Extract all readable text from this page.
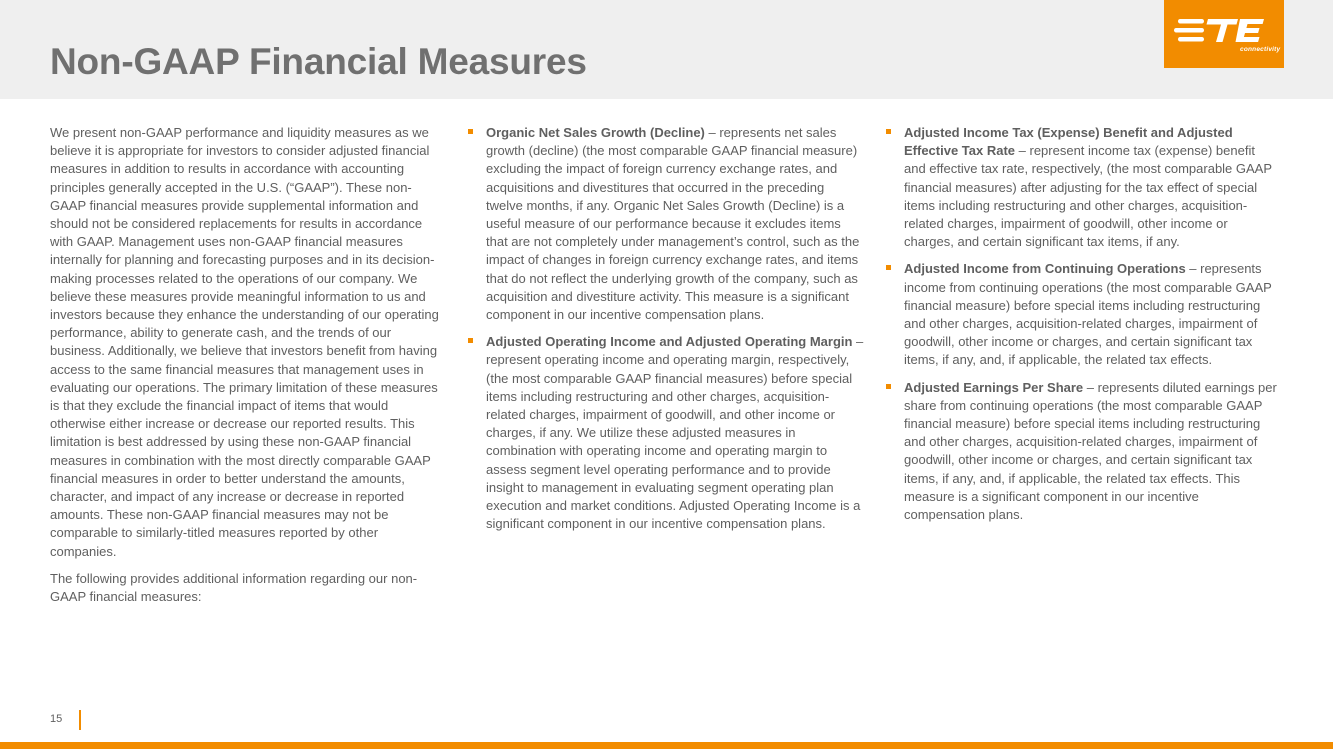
Non-GAAP Financial Measures	connectivity

We present non-GAAP performance and liquidity measures as we believe it is appropriate for investors to consider adjusted financial measures in addition to results in accordance with accounting principles generally accepted in the U.S. (“GAAP”). These non-GAAP financial measures provide supplemental information and should not be considered replacements for results in accordance with GAAP. Management uses non-GAAP financial measures internally for planning and forecasting purposes and in its decision-making processes related to the operations of our company. We believe these measures provide meaningful information to us and investors because they enhance the understanding of our operating performance, ability to generate cash, and the trends of our business. Additionally, we believe that investors benefit from having access to the same financial measures that management uses in evaluating our operations. The primary limitation of these measures is that they exclude the financial impact of items that would otherwise either increase or decrease our reported results. This limitation is best addressed by using these non-GAAP financial measures in combination with the most directly comparable GAAP financial measures in order to better understand the amounts, character, and impact of any increase or decrease in reported amounts. These non-GAAP financial measures may not be comparable to similarly-titled measures reported by other companies.

The following provides additional information regarding our non-GAAP financial measures:

Organic Net Sales Growth (Decline) – represents net sales growth (decline) (the most comparable GAAP financial measure) excluding the impact of foreign currency exchange rates, and acquisitions and divestitures that occurred in the preceding twelve months, if any. Organic Net Sales Growth (Decline) is a useful measure of our performance because it excludes items that are not completely under management’s control, such as the impact of changes in foreign currency exchange rates, and items that do not reflect the underlying growth of the company, such as acquisition and divestiture activity. This measure is a significant component in our incentive compensation plans.
Adjusted Operating Income and Adjusted Operating Margin – represent operating income and operating margin, respectively, (the most comparable GAAP financial measures) before special items including restructuring and other charges, acquisition-related charges, impairment of goodwill, and other income or charges, if any. We utilize these adjusted measures in combination with operating income and operating margin to assess segment level operating performance and to provide insight to management in evaluating segment operating plan execution and market conditions. Adjusted Operating Income is a significant component in our incentive compensation plans.
Adjusted Income Tax (Expense) Benefit and Adjusted Effective Tax Rate – represent income tax (expense) benefit and effective tax rate, respectively, (the most comparable GAAP financial measures) after adjusting for the tax effect of special items including restructuring and other charges, acquisition-related charges, impairment of goodwill, other income or charges, and certain significant tax items, if any.
Adjusted Income from Continuing Operations – represents income from continuing operations (the most comparable GAAP financial measure) before special items including restructuring and other charges, acquisition-related charges, impairment of goodwill, other income or charges, and certain significant tax items, if any, and, if applicable, the related tax effects.
Adjusted Earnings Per Share – represents diluted earnings per share from continuing operations (the most comparable GAAP financial measure) before special items including restructuring and other charges, acquisition-related charges, impairment of goodwill, other income or charges, and certain significant tax items, if any, and, if applicable, the related tax effects. This measure is a significant component in our incentive compensation plans.
15
